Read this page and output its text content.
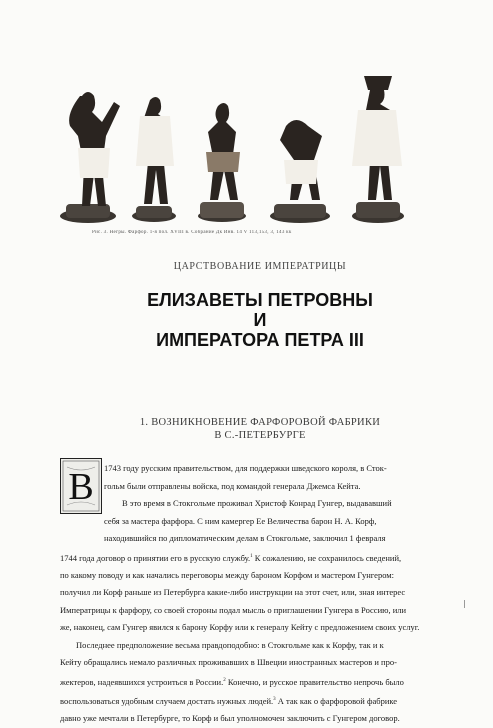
Рис. 3. Негры. Фарфор. 1-я пол. XVIII в. Собрание Дк Инв. 14 V 113,153, 3, 143 кк
ЦАРСТВОВАНИЕ ИМПЕРАТРИЦЫ
ЕЛИЗАВЕТЫ ПЕТРОВНЫ
И
ИМПЕРАТОРА ПЕТРА III
1. ВОЗНИКНОВЕНИЕ ФАРФОРОВОЙ ФАБРИКИ
В С.-ПЕТЕРБУРГЕ
В	1743 году русским правительством, для поддержки шведского короля, в Сток-
гольм были отправлены войска, под командой генерала Джемса Кейта.

В это время в Стокгольме проживал Христоф Конрад Гунгер, выдававший
себя за мастера фарфора. С ним камергер Ее Величества барон Н. А. Корф,
находившийся по дипломатическим делам в Стокгольме, заключил 1 февраля
1744 года договор о принятии его в русскую службу.$^1$ К сожалению, не сохранилось сведений,
по какому поводу и как начались переговоры между бароном Корфом и мастером Гунгером:
получил ли Корф раньше из Петербурга какие-либо инструкции на этот счет, или, зная интерес
Императрицы к фарфору, со своей стороны подал мысль о приглашении Гунгера в Россию, или
же, наконец, сам Гунгер явился к барону Корфу или к генералу Кейту с предложением своих услуг.

Последнее предположение весьма правдоподобно: в Стокгольме как к Корфу, так и к
Кейту обращались немало различных проживавших в Швеции иностранных мастеров и про-
жектеров, надеявшихся устроиться в России.$^2$ Конечно, и русское правительство непрочь было
воспользоваться удобным случаем достать нужных людей.$^3$ А так как о фарфоровой фабрике
давно уже мечтали в Петербурге, то Корф и был уполномочен заключить с Гунгером договор.
